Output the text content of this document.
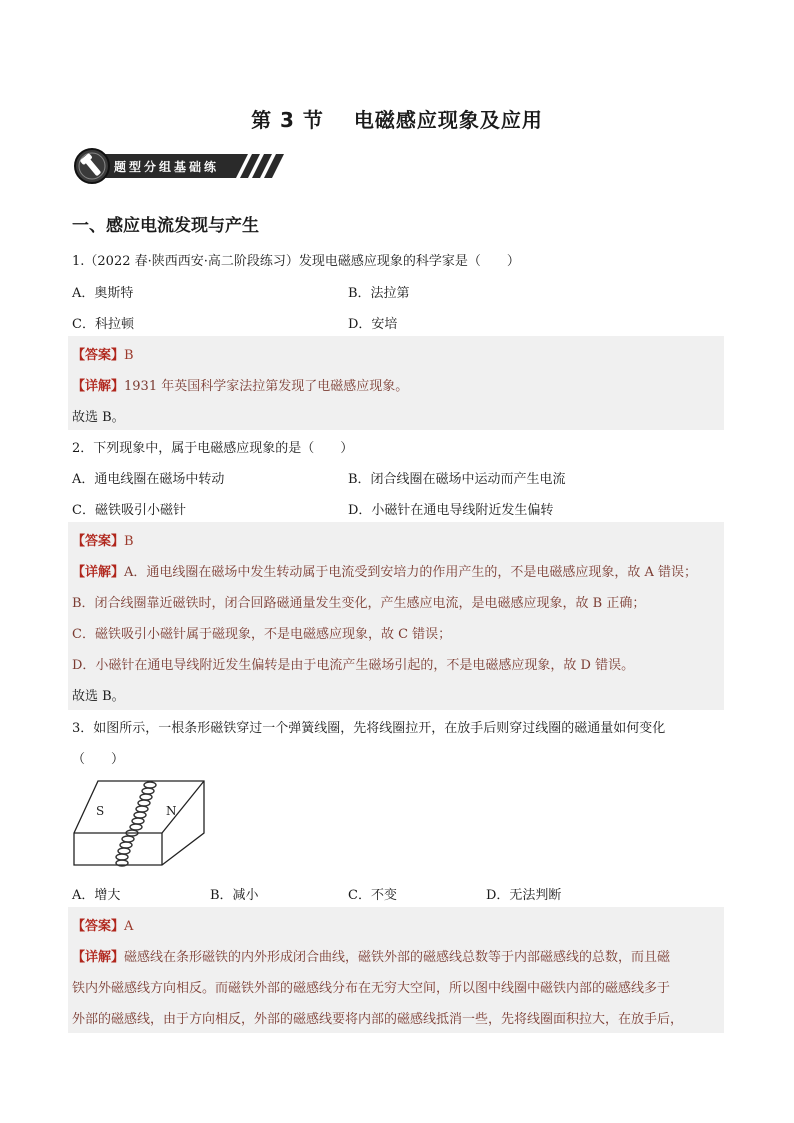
第 3 节 电磁感应现象及应用
题型分组基础练
一、感应电流发现与产生
1.（2022 春·陕西西安·高二阶段练习）发现电磁感应现象的科学家是（　　）
A．奥斯特	B．法拉第
C．科拉顿	D．安培
【答案】B
【详解】1931 年英国科学家法拉第发现了电磁感应现象。
故选 B。
2．下列现象中，属于电磁感应现象的是（　　）
A．通电线圈在磁场中转动	B．闭合线圈在磁场中运动而产生电流
C．磁铁吸引小磁针	D．小磁针在通电导线附近发生偏转
【答案】B
【详解】A．通电线圈在磁场中发生转动属于电流受到安培力的作用产生的，不是电磁感应现象，故 A 错误；
B．闭合线圈靠近磁铁时，闭合回路磁通量发生变化，产生感应电流，是电磁感应现象，故 B 正确；
C．磁铁吸引小磁针属于磁现象，不是电磁感应现象，故 C 错误；
D．小磁针在通电导线附近发生偏转是由于电流产生磁场引起的，不是电磁感应现象，故 D 错误。
故选 B。
3．如图所示，一根条形磁铁穿过一个弹簧线圈，先将线圈拉开，在放手后则穿过线圈的磁通量如何变化
（　　）
S	N
A．增大	B．减小	C．不变	D．无法判断
【答案】A
【详解】磁感线在条形磁铁的内外形成闭合曲线，磁铁外部的磁感线总数等于内部磁感线的总数，而且磁
铁内外磁感线方向相反。而磁铁外部的磁感线分布在无穷大空间，所以图中线圈中磁铁内部的磁感线多于
外部的磁感线，由于方向相反，外部的磁感线要将内部的磁感线抵消一些，先将线圈面积拉大，在放手后，
